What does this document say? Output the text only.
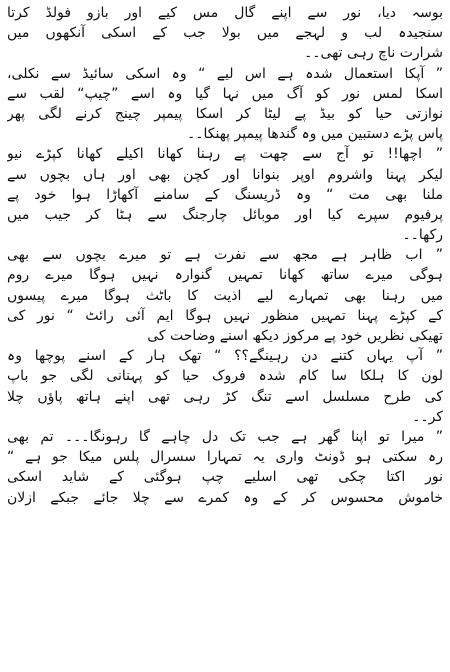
بوسہ دیا، نور سے اپنے گال مس کیے اور بازو فولڈ کرتا
سنجیدہ لب و لہجے میں بولا جب کے اسکی آنکھوں میں
شرارت ناچ رہی تھی۔۔
” آپکا استعمال شدہ ہے اس لیے “ وہ اسکی سائیڈ سے نکلی،
اسکا لمس نور کو آگ میں نہا گیا وہ اسے ”چیپ“ لقب سے
نوازتی حیا کو بیڈ پے لیٹا کر اسکا پیمپر چینج کرنے لگی پھر
پاس پڑے دستبین میں وہ گندھا پیمپر پھنکا۔۔
” اچھا!! تو آج سے چھت پے رہنا کھانا اکیلے کھانا کپڑے نیو
لیکر پہنا واشروم اوپر بنوانا اور کچن بھی اور ہاں بچوں سے
ملنا بھی مت “ وہ ڈریسنگ کے سامنے آکھاڑا ہوا خود پے
پرفیوم سپرے کیا اور موبائل چارجنگ سے ہٹا کر جیب میں
رکھا۔۔
” اب ظاہر ہے مجھ سے نفرت ہے تو میرے بچوں سے بھی
ہوگی میرے ساتھ کھانا تمہیں گنوارہ نہیں ہوگا میرے روم
میں رہنا بھی تمہارے لیے اذیت کا باٹث ہوگا میرے پیسوں
کے کپڑے پہنا تمہیں منظور نہیں ہوگا ایم آئی رائٹ “ نور کی
تھیکی نظریں خود پے مرکوز دیکھ اسنے وضاحت کی
” آپ یہاں کتنے دن رہینگے؟؟ “ تھک ہار کے اسنے پوچھا وہ
لون کا ہلکا سا کام شدہ فروک حیا کو پہنانی لگی جو باپ
کی طرح مسلسل اسے تنگ کڑ رہی تھی اپنے ہاتھ پاؤں چلا
کر۔۔
” میرا تو اپنا گھر ہے جب تک دل چاہے گا رہونگا۔۔۔ تم بھی
رہ سکتی ہو ڈونٹ واری یہ تمہارا سسرال پلس میکا جو ہے “
نور اکتا چکی تھی اسلیے چپ ہوگئی کے شاید اسکی
خاموش محسوس کر کے وہ کمرے سے چلا جائے جبکے ازلان
